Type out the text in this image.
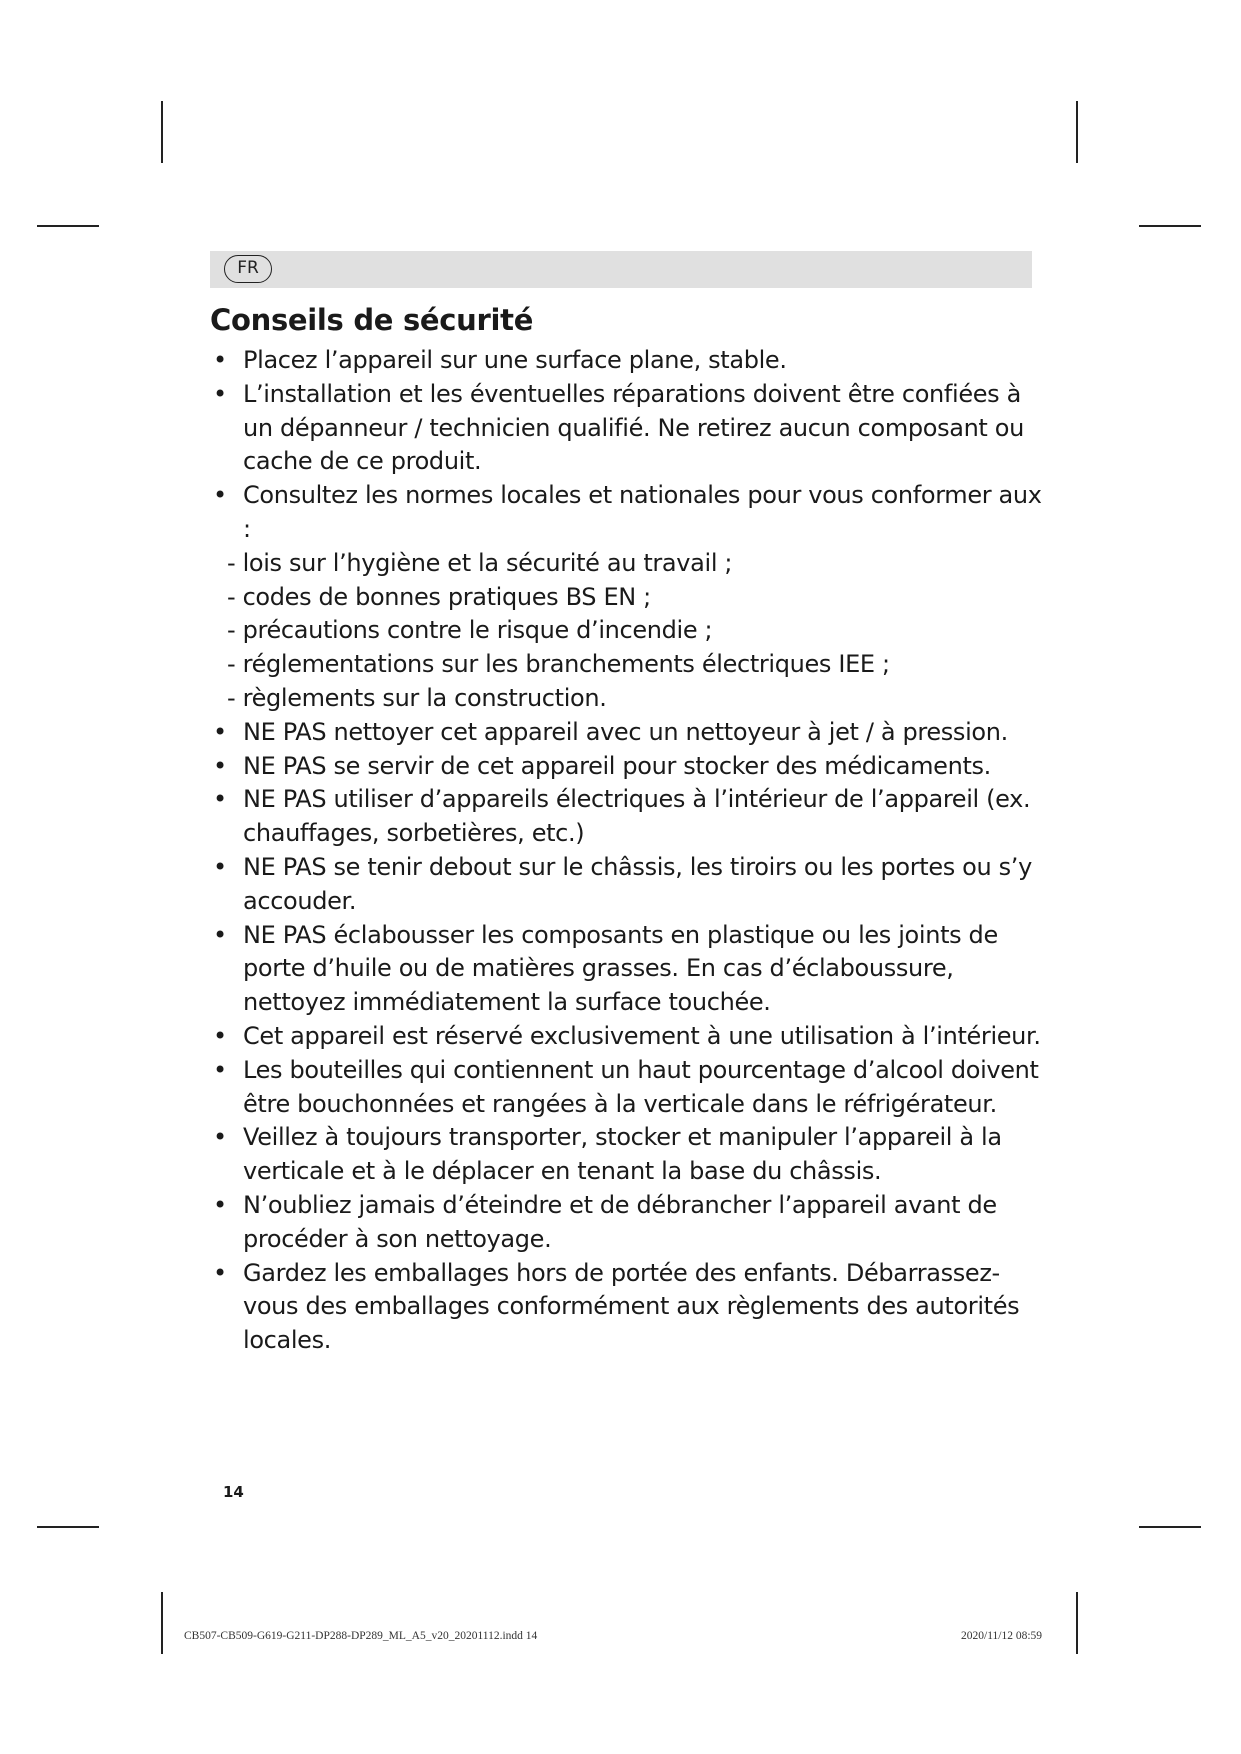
FR
Conseils de sécurité
• Placez l’appareil sur une surface plane, stable.
• L’installation et les éventuelles réparations doivent être confiées à un dépanneur / technicien qualifié. Ne retirez aucun composant ou cache de ce produit.
• Consultez les normes locales et nationales pour vous conformer aux :
- lois sur l’hygiène et la sécurité au travail ;
- codes de bonnes pratiques BS EN ;
- précautions contre le risque d’incendie ;
- réglementations sur les branchements électriques IEE ;
- règlements sur la construction.
• NE PAS nettoyer cet appareil avec un nettoyeur à jet / à pression.
• NE PAS se servir de cet appareil pour stocker des médicaments.
• NE PAS utiliser d’appareils électriques à l’intérieur de l’appareil (ex. chauffages, sorbetières, etc.)
• NE PAS se tenir debout sur le châssis, les tiroirs ou les portes ou s’y accouder.
• NE PAS éclabousser les composants en plastique ou les joints de porte d’huile ou de matières grasses. En cas d’éclaboussure, nettoyez immédiatement la surface touchée.
• Cet appareil est réservé exclusivement à une utilisation à l’intérieur.
• Les bouteilles qui contiennent un haut pourcentage d’alcool doivent être bouchonnées et rangées à la verticale dans le réfrigérateur.
• Veillez à toujours transporter, stocker et manipuler l’appareil à la verticale et à le déplacer en tenant la base du châssis.
• N’oubliez jamais d’éteindre et de débrancher l’appareil avant de procéder à son nettoyage.
• Gardez les emballages hors de portée des enfants. Débarrassez-vous des emballages conformément aux règlements des autorités locales.
14
CB507-CB509-G619-G211-DP288-DP289_ML_A5_v20_20201112.indd 14	2020/11/12 08:59
